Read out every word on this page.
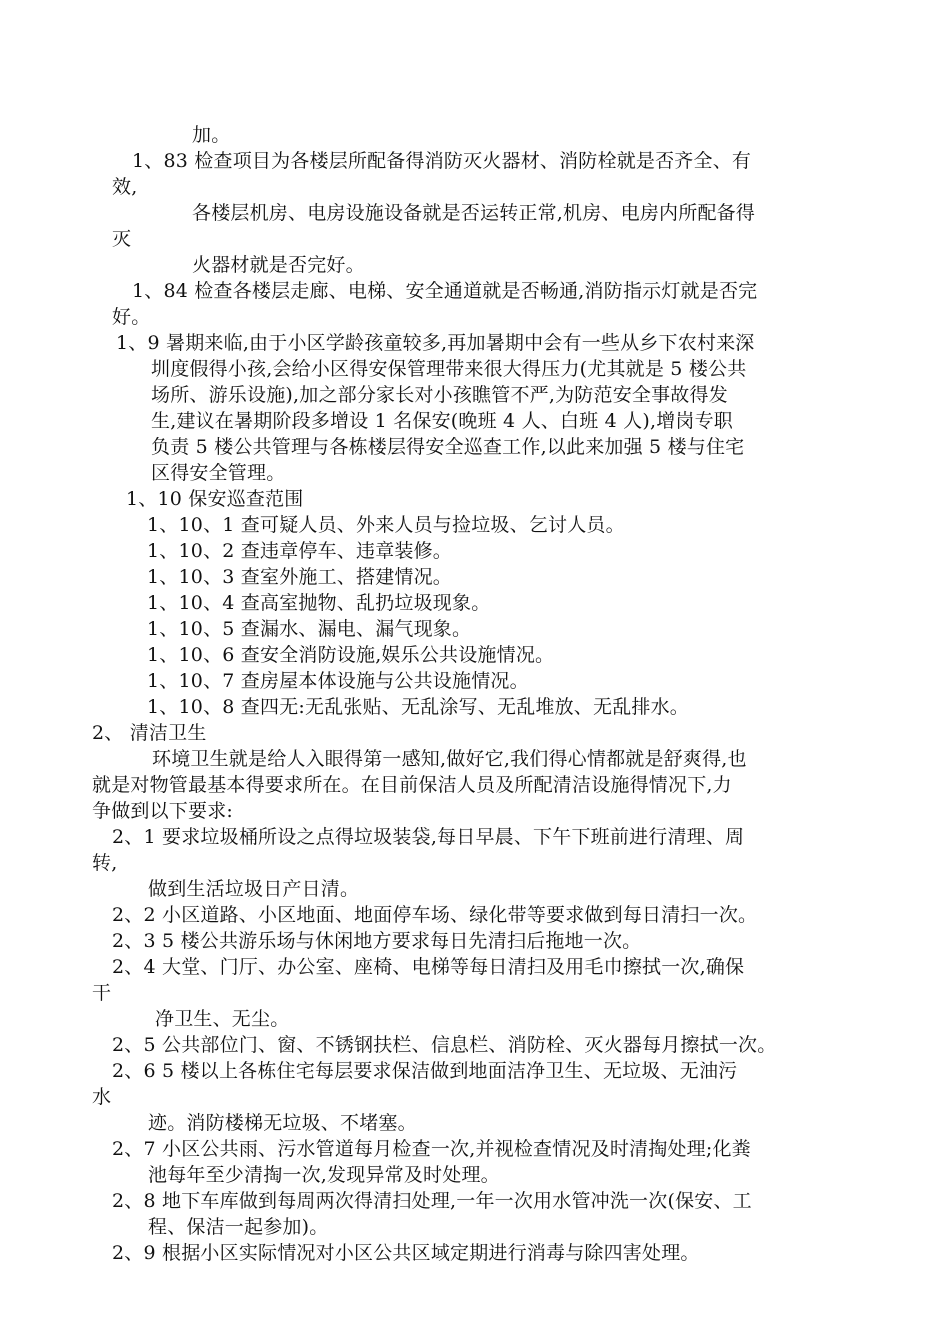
加。
1、83 检查项目为各楼层所配备得消防灭火器材、消防栓就是否齐全、有
效,
各楼层机房、电房设施设备就是否运转正常,机房、电房内所配备得
灭
火器材就是否完好。
1、84 检查各楼层走廊、电梯、安全通道就是否畅通,消防指示灯就是否完
好。
1、9 暑期来临,由于小区学龄孩童较多,再加暑期中会有一些从乡下农村来深
圳度假得小孩,会给小区得安保管理带来很大得压力(尤其就是 5 楼公共
场所、游乐设施),加之部分家长对小孩瞧管不严,为防范安全事故得发
生,建议在暑期阶段多增设 1 名保安(晚班 4 人、白班 4 人),增岗专职
负责 5 楼公共管理与各栋楼层得安全巡查工作,以此来加强 5 楼与住宅
区得安全管理。
1、10 保安巡查范围
1、10、1 查可疑人员、外来人员与捡垃圾、乞讨人员。
1、10、2 查违章停车、违章装修。
1、10、3 查室外施工、搭建情况。
1、10、4 查高室抛物、乱扔垃圾现象。
1、10、5 查漏水、漏电、漏气现象。
1、10、6 查安全消防设施,娱乐公共设施情况。
1、10、7 查房屋本体设施与公共设施情况。
1、10、8 查四无:无乱张贴、无乱涂写、无乱堆放、无乱排水。
2、 清洁卫生
环境卫生就是给人入眼得第一感知,做好它,我们得心情都就是舒爽得,也
就是对物管最基本得要求所在。在目前保洁人员及所配清洁设施得情况下,力
争做到以下要求:
2、1 要求垃圾桶所设之点得垃圾装袋,每日早晨、下午下班前进行清理、周
转,
做到生活垃圾日产日清。
2、2 小区道路、小区地面、地面停车场、绿化带等要求做到每日清扫一次。
2、3 5 楼公共游乐场与休闲地方要求每日先清扫后拖地一次。
2、4 大堂、门厅、办公室、座椅、电梯等每日清扫及用毛巾擦拭一次,确保
干
净卫生、无尘。
2、5 公共部位门、窗、不锈钢扶栏、信息栏、消防栓、灭火器每月擦拭一次。
2、6 5 楼以上各栋住宅每层要求保洁做到地面洁净卫生、无垃圾、无油污
水
迹。消防楼梯无垃圾、不堵塞。
2、7 小区公共雨、污水管道每月检查一次,并视检查情况及时清掏处理;化粪
池每年至少清掏一次,发现异常及时处理。
2、8 地下车库做到每周两次得清扫处理,一年一次用水管冲洗一次(保安、工
程、保洁一起参加)。
2、9 根据小区实际情况对小区公共区域定期进行消毒与除四害处理。
